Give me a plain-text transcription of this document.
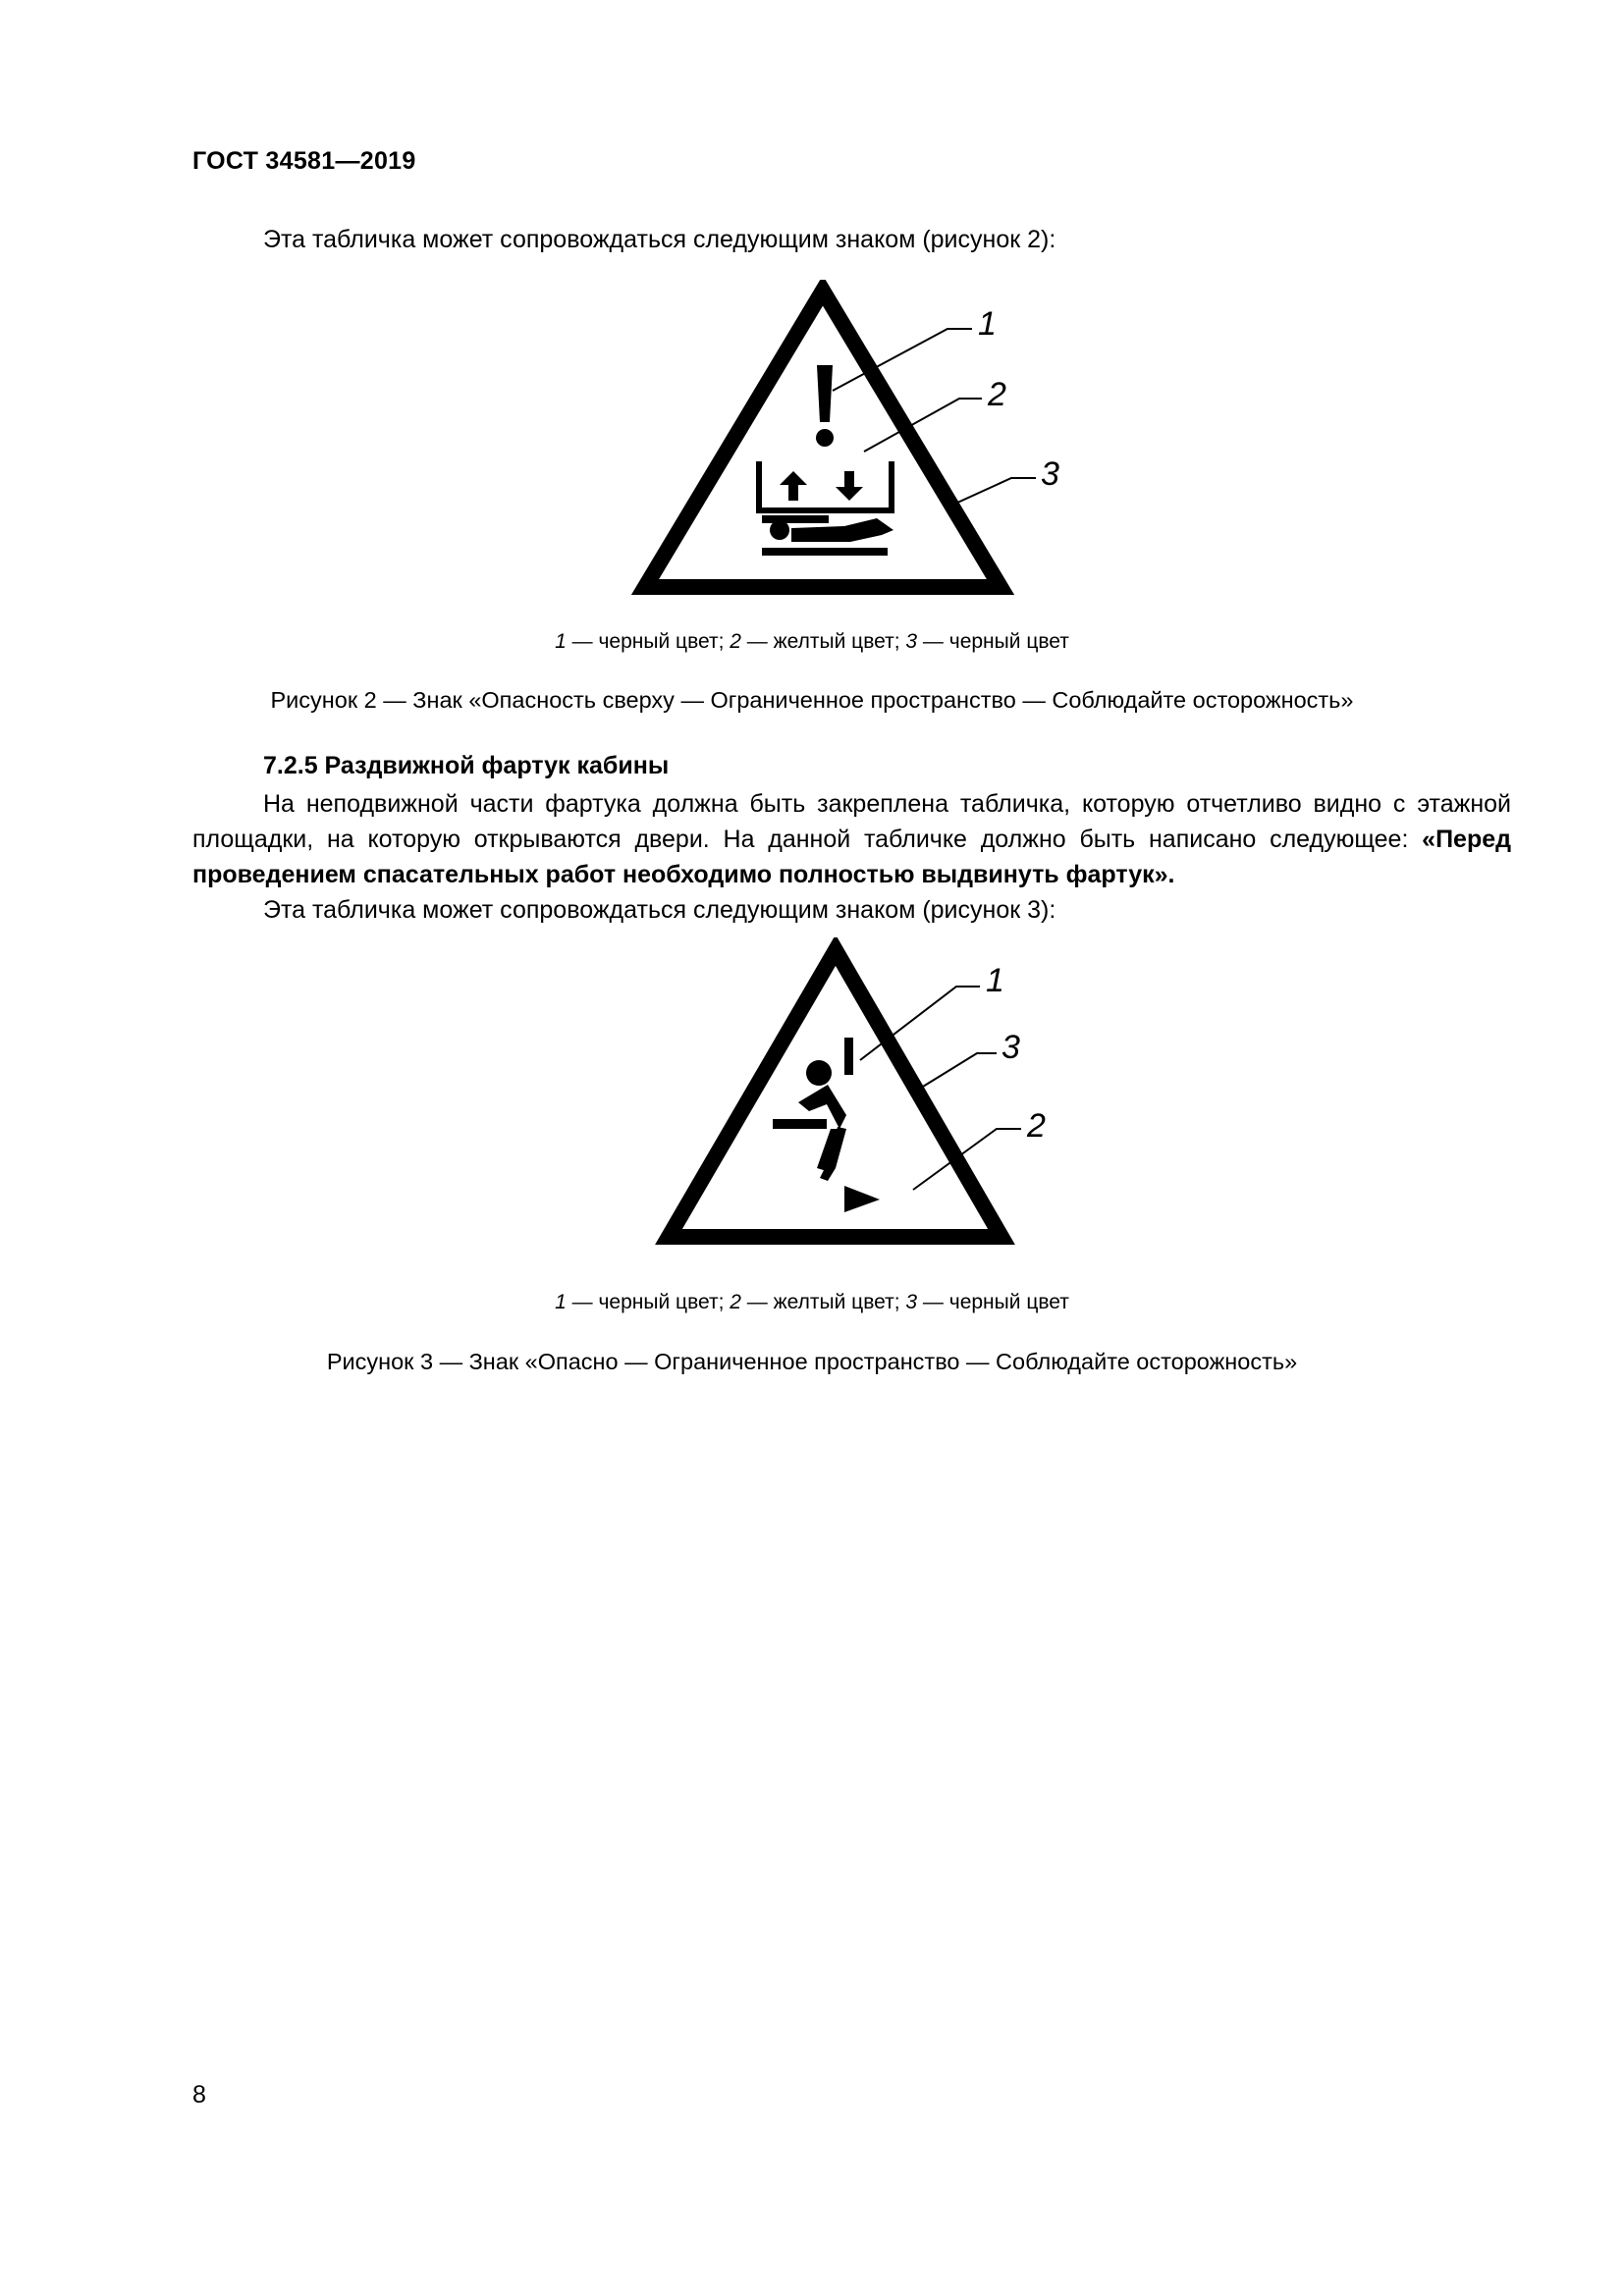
ГОСТ 34581—2019
Эта табличка может сопровождаться следующим знаком (рисунок 2):
1
2
3
1 — черный цвет; 2 — желтый цвет; 3 — черный цвет
Рисунок 2 — Знак «Опасность сверху — Ограниченное пространство — Соблюдайте осторожность»
7.2.5 Раздвижной фартук кабины
На неподвижной части фартука должна быть закреплена табличка, которую отчетливо видно с этажной площадки, на которую открываются двери. На данной табличке должно быть написано следующее: «Перед проведением спасательных работ необходимо полностью выдвинуть фартук».
Эта табличка может сопровождаться следующим знаком (рисунок 3):
1
3
2
1 — черный цвет; 2 — желтый цвет; 3 — черный цвет
Рисунок 3 — Знак «Опасно — Ограниченное пространство — Соблюдайте осторожность»
8
